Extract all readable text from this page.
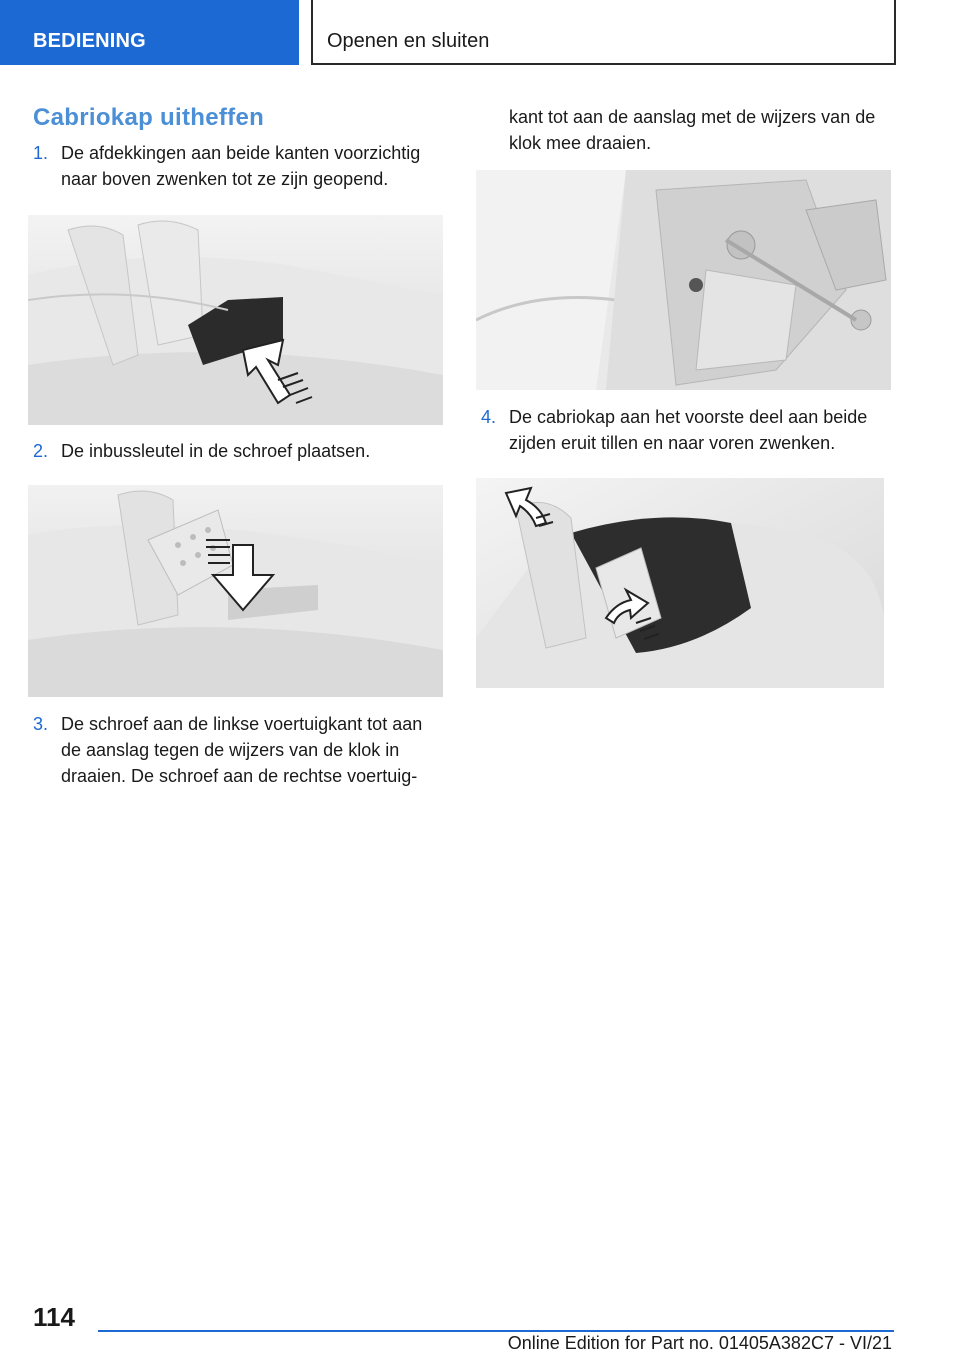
BEDIENING	Openen en sluiten
Cabriokap uitheffen
1. De afdekkingen aan beide kanten voorzichtig naar boven zwenken tot ze zijn geopend.
2. De inbussleutel in de schroef plaatsen.
3. De schroef aan de linkse voertuigkant tot aan de aanslag tegen de wijzers van de klok in draaien. De schroef aan de rechtse voertuig-
kant tot aan de aanslag met de wijzers van de klok mee draaien.
4. De cabriokap aan het voorste deel aan beide zijden eruit tillen en naar voren zwenken.
114
Online Edition for Part no. 01405A382C7 - VI/21
